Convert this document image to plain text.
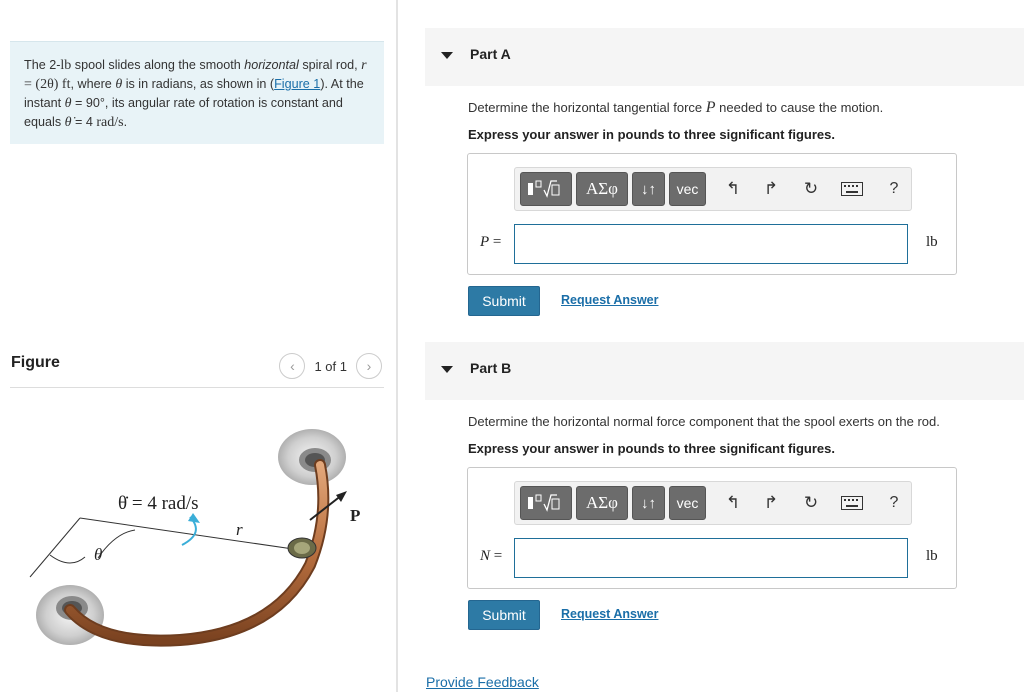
The 2-lb spool slides along the smooth horizontal spiral rod, r = (2θ) ft, where θ is in radians, as shown in (Figure 1). At the instant θ = 90°, its angular rate of rotation is constant and equals θ̇ = 4 rad/s.
Figure	‹	1 of 1	›
θ̇ = 4 rad/s
r
θ
P
Part A
Determine the horizontal tangential force P needed to cause the motion.
Express your answer in pounds to three significant figures.
ΑΣφ	↓↑	vec	↰	↱	↻	?
P =	lb
Submit	Request Answer
Part B
Determine the horizontal normal force component that the spool exerts on the rod.
Express your answer in pounds to three significant figures.
ΑΣφ	↓↑	vec	↰	↱	↻	?
N =	lb
Submit	Request Answer
Provide Feedback
